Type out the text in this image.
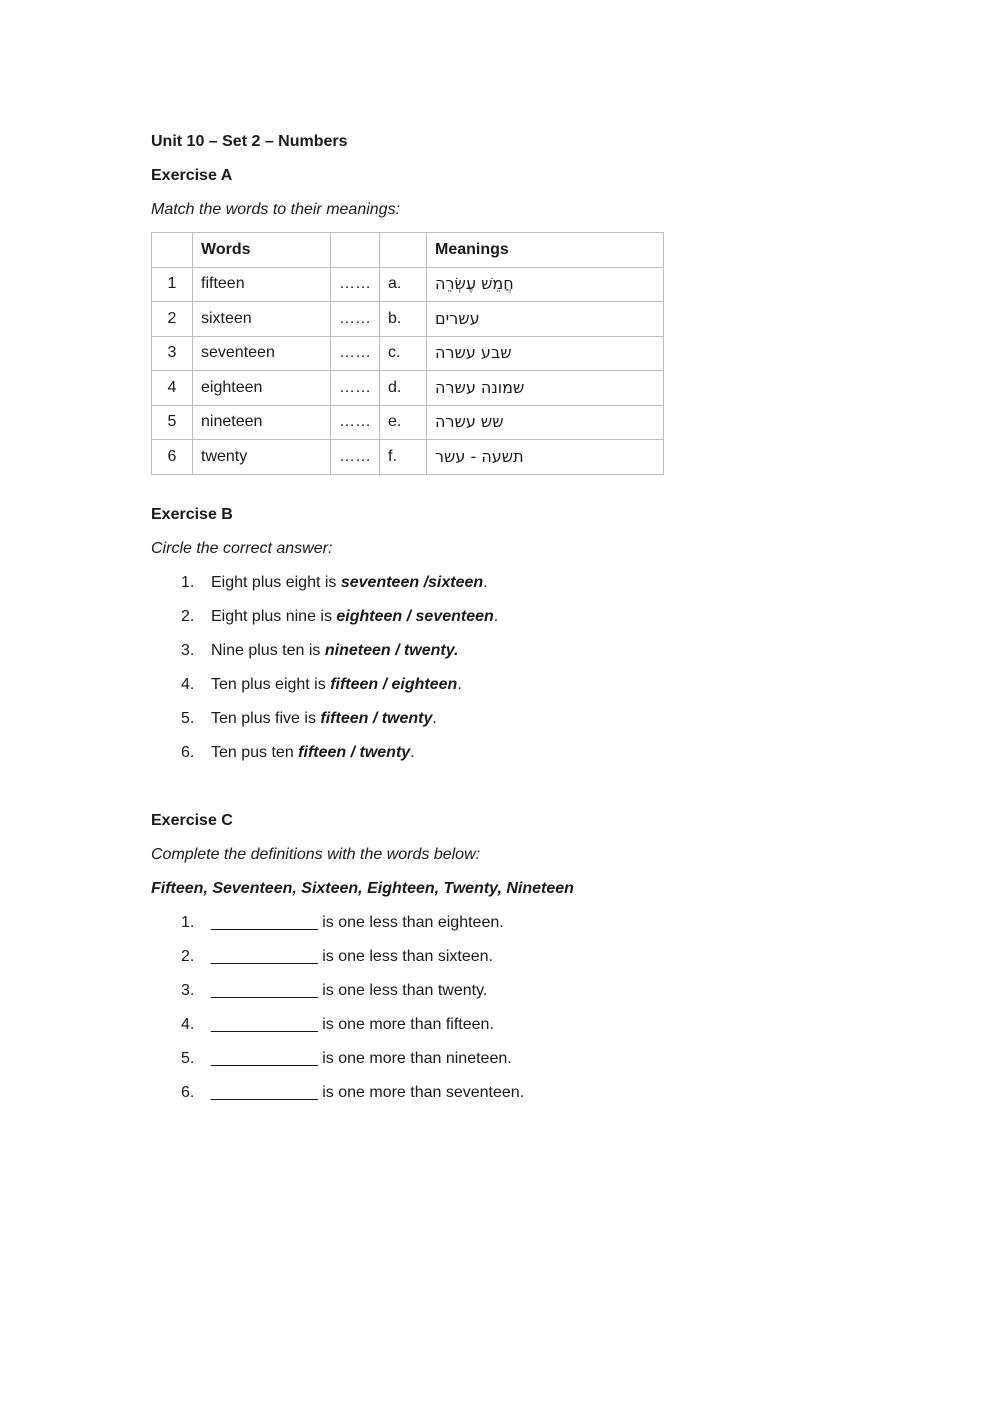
Unit 10 – Set 2 – Numbers
Exercise A
Match the words to their meanings:
	Words			Meanings
1	fifteen	……	a.	חֲמֵשׁ עֶשְׂרֵה
2	sixteen	……	b.	עשרים
3	seventeen	……	c.	שבע עשרה
4	eighteen	……	d.	שמונה עשרה
5	nineteen	……	e.	שש עשרה
6	twenty	……	f.	תשעה - עשר
Exercise B
Circle the correct answer:
1.	Eight plus eight is seventeen /sixteen.
2.	Eight plus nine is eighteen / seventeen.
3.	Nine plus ten is nineteen / twenty.
4.	Ten plus eight is fifteen / eighteen.
5.	Ten plus five is fifteen / twenty.
6.	Ten pus ten fifteen / twenty.
Exercise C
Complete the definitions with the words below:
Fifteen, Seventeen, Sixteen, Eighteen, Twenty, Nineteen
1.	____________ is one less than eighteen.
2.	____________ is one less than sixteen.
3.	____________ is one less than twenty.
4.	____________ is one more than fifteen.
5.	____________ is one more than nineteen.
6.	____________ is one more than seventeen.
